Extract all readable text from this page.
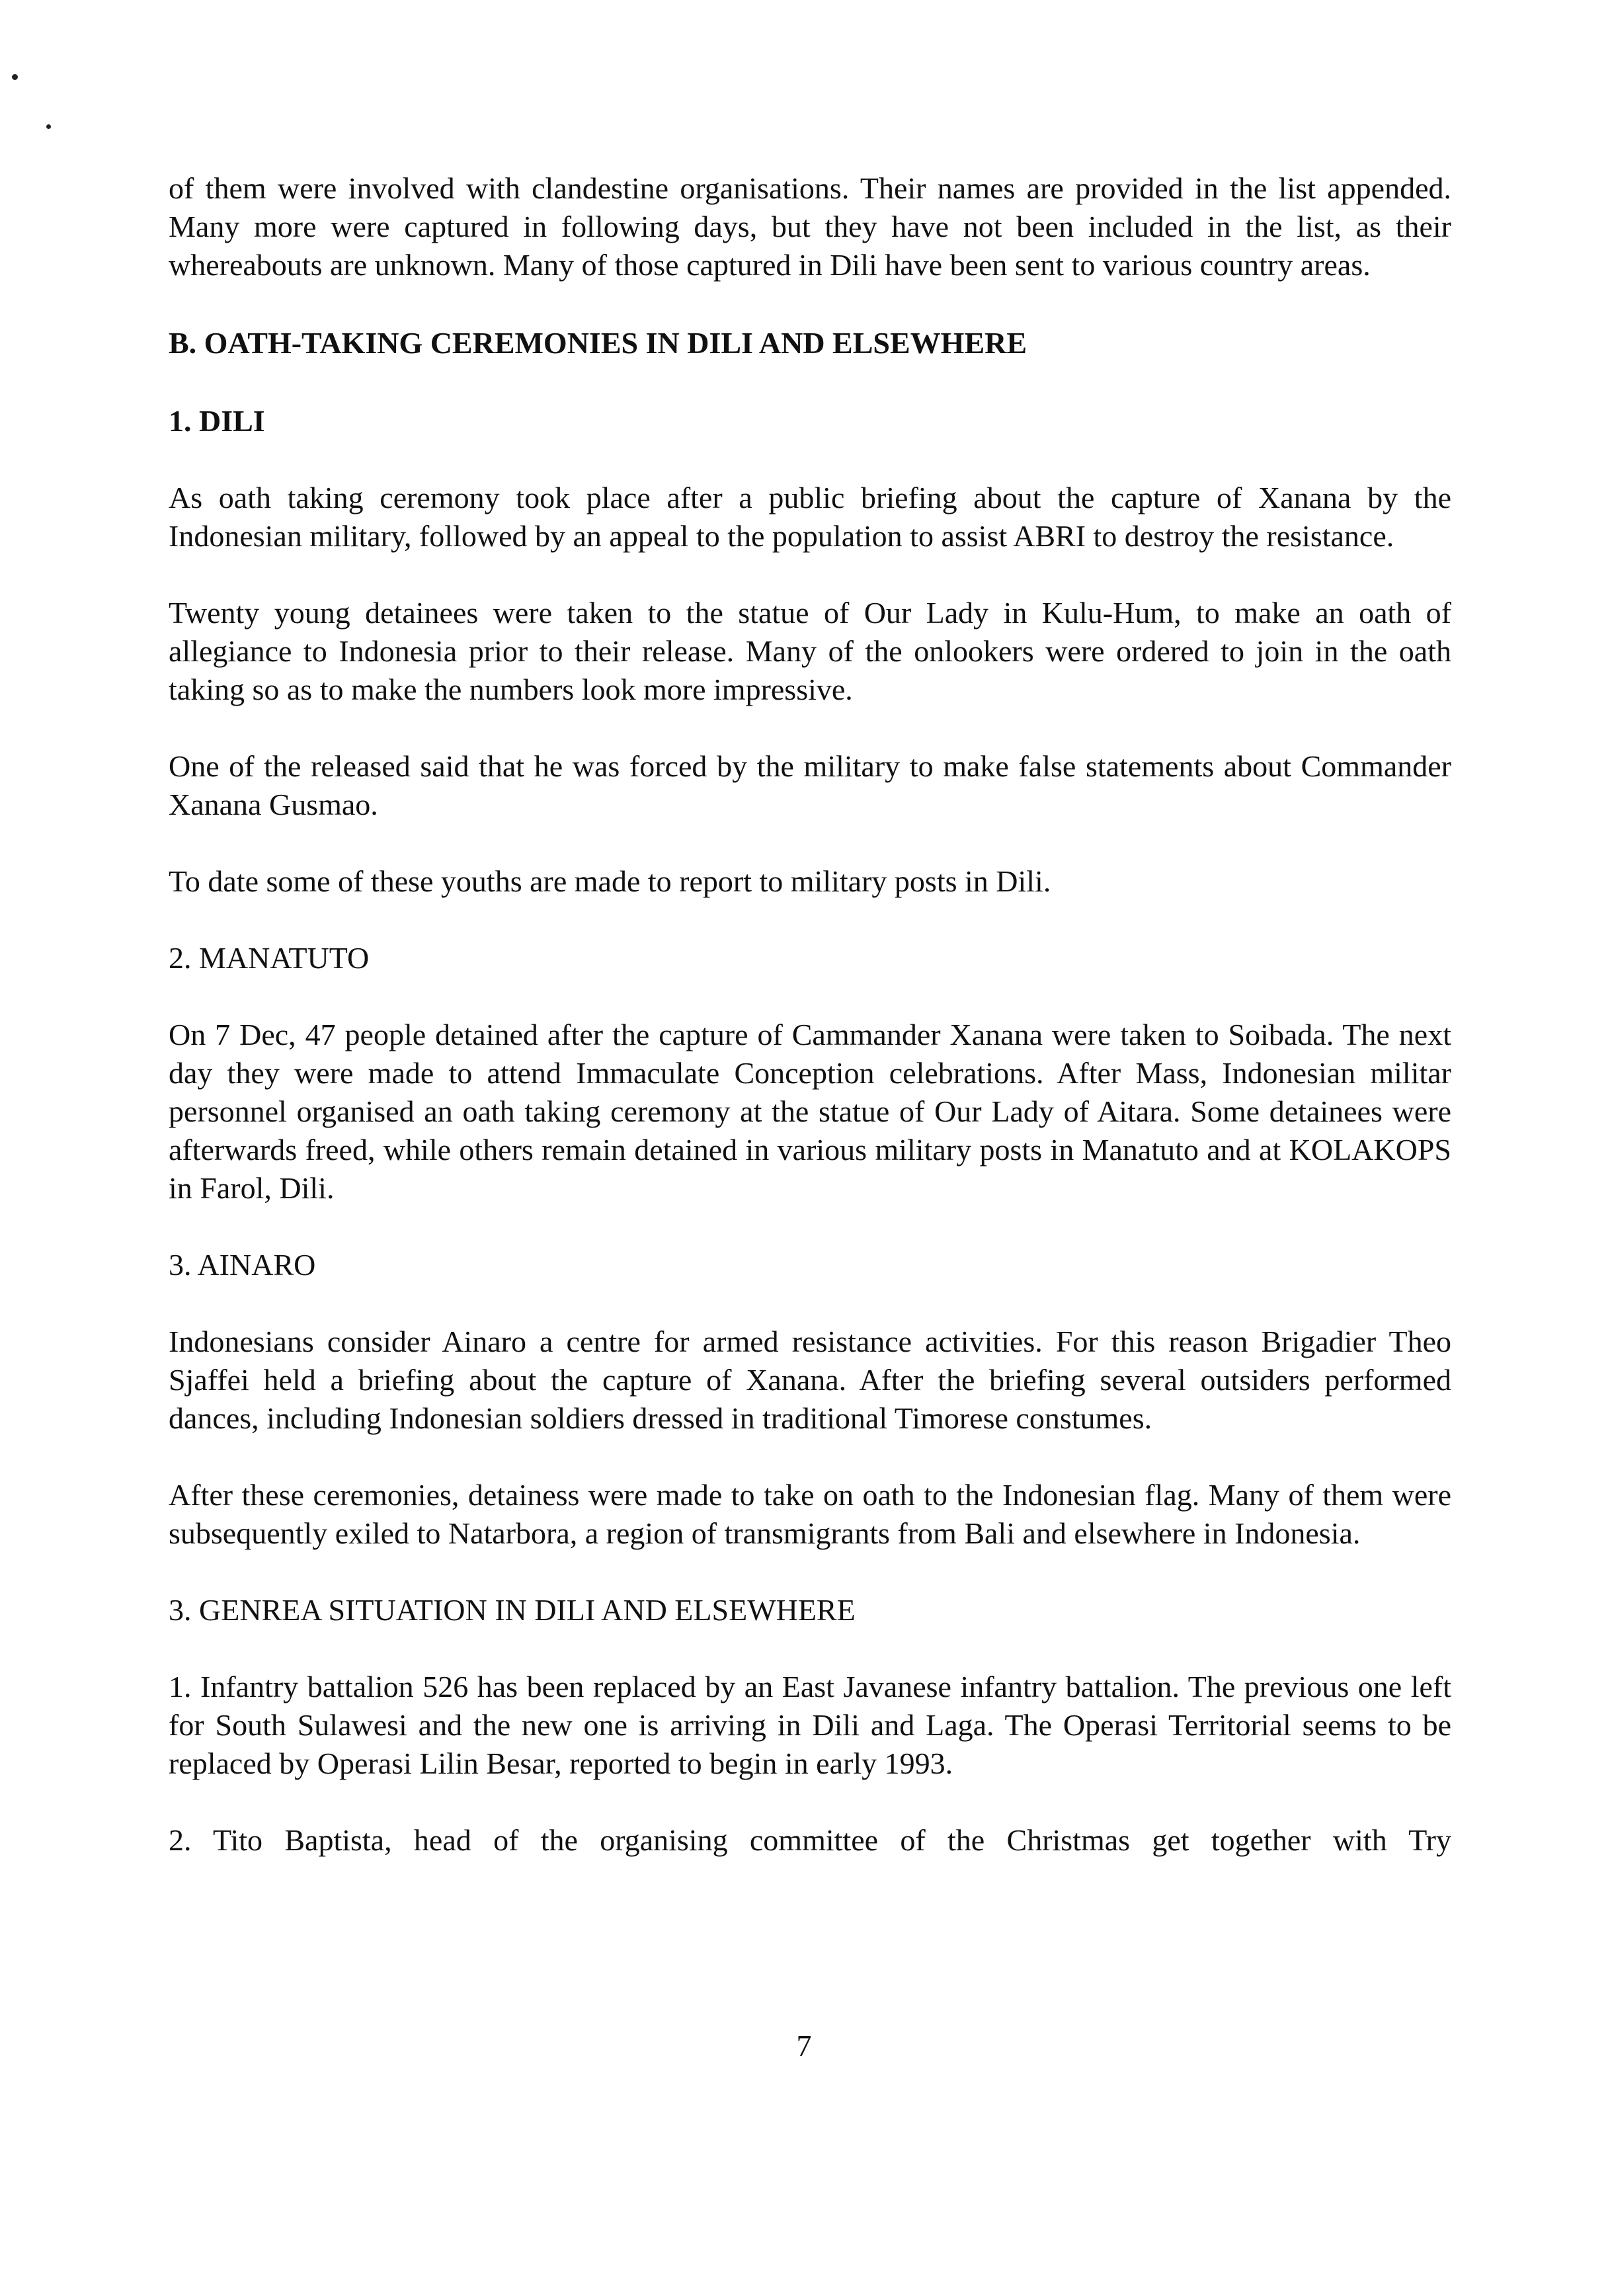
of them were involved with clandestine organisations. Their names are provided in the list appended. Many more were captured in following days, but they have not been included in the list, as their whereabouts are unknown. Many of those captured in Dili have been sent to various country areas.

B. OATH-TAKING CEREMONIES IN DILI AND ELSEWHERE
1. DILI

As oath taking ceremony took place after a public briefing about the capture of Xanana by the Indonesian military, followed by an appeal to the population to assist ABRI to destroy the resistance.

Twenty young detainees were taken to the statue of Our Lady in Kulu-Hum, to make an oath of allegiance to Indonesia prior to their release. Many of the onlookers were ordered to join in the oath taking so as to make the numbers look more impressive.

One of the released said that he was forced by the military to make false statements about Commander Xanana Gusmao.

To date some of these youths are made to report to military posts in Dili.

2. MANATUTO

On 7 Dec, 47 people detained after the capture of Cammander Xanana were taken to Soibada. The next day they were made to attend Immaculate Conception celebrations. After Mass, Indonesian militar personnel organised an oath taking ceremony at the statue of Our Lady of Aitara. Some detainees were afterwards freed, while others remain detained in various military posts in Manatuto and at KOLAKOPS in Farol, Dili.

3. AINARO

Indonesians consider Ainaro a centre for armed resistance activities. For this reason Brigadier Theo Sjaffei held a briefing about the capture of Xanana. After the briefing several outsiders performed dances, including Indonesian soldiers dressed in traditional Timorese constumes.

After these ceremonies, detainess were made to take on oath to the Indonesian flag. Many of them were subsequently exiled to Natarbora, a region of transmigrants from Bali and elsewhere in Indonesia.

3. GENREA SITUATION IN DILI AND ELSEWHERE

1. Infantry battalion 526 has been replaced by an East Javanese infantry battalion. The previous one left for South Sulawesi and the new one is arriving in Dili and Laga. The Operasi Territorial seems to be replaced by Operasi Lilin Besar, reported to begin in early 1993.

2. Tito Baptista, head of the organising committee of the Christmas get together with Try

7
